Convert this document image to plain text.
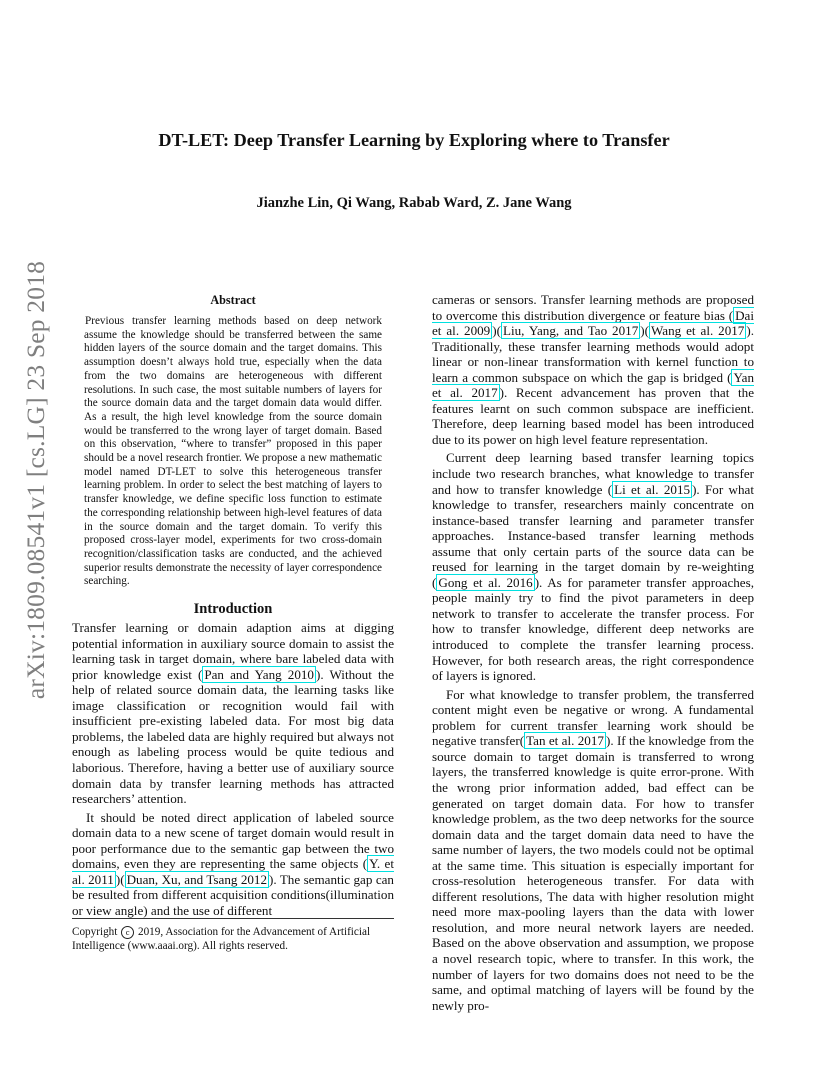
arXiv:1809.08541v1 [cs.LG] 23 Sep 2018
DT-LET: Deep Transfer Learning by Exploring where to Transfer
Jianzhe Lin, Qi Wang, Rabab Ward, Z. Jane Wang
Abstract

Previous transfer learning methods based on deep network assume the knowledge should be transferred between the same hidden layers of the source domain and the target domains. This assumption doesn’t always hold true, especially when the data from the two domains are heterogeneous with different resolutions. In such case, the most suitable numbers of layers for the source domain data and the target domain data would differ. As a result, the high level knowledge from the source domain would be transferred to the wrong layer of target domain. Based on this observation, “where to transfer” proposed in this paper should be a novel research frontier. We propose a new mathematic model named DT-LET to solve this heterogeneous transfer learning problem. In order to select the best matching of layers to transfer knowledge, we define specific loss function to estimate the corresponding relationship between high-level features of data in the source domain and the target domain. To verify this proposed cross-layer model, experiments for two cross-domain recognition/classification tasks are conducted, and the achieved superior results demonstrate the necessity of layer correspondence searching.

Introduction

Transfer learning or domain adaption aims at digging potential information in auxiliary source domain to assist the learning task in target domain, where bare labeled data with prior knowledge exist ( Pan and Yang 2010 ). Without the help of related source domain data, the learning tasks like image classification or recognition would fail with insufficient pre-existing labeled data. For most big data problems, the labeled data are highly required but always not enough as labeling process would be quite tedious and laborious. Therefore, having a better use of auxiliary source domain data by transfer learning methods has attracted researchers’ attention.

It should be noted direct application of labeled source domain data to a new scene of target domain would result in poor performance due to the semantic gap between the two domains, even they are representing the same objects ( Y. et al. 2011 )( Duan, Xu, and Tsang 2012 ). The semantic gap can be resulted from different acquisition conditions(illumination or view angle) and the use of different

cameras or sensors. Transfer learning methods are proposed to overcome this distribution divergence or feature bias ( Dai et al. 2009 )( Liu, Yang, and Tao 2017 )( Wang et al. 2017 ). Traditionally, these transfer learning methods would adopt linear or non-linear transformation with kernel function to learn a common subspace on which the gap is bridged ( Yan et al. 2017 ). Recent advancement has proven that the features learnt on such common subspace are inefficient. Therefore, deep learning based model has been introduced due to its power on high level feature representation.

Current deep learning based transfer learning topics include two research branches, what knowledge to transfer and how to transfer knowledge ( Li et al. 2015 ). For what knowledge to transfer, researchers mainly concentrate on instance-based transfer learning and parameter transfer approaches. Instance-based transfer learning methods assume that only certain parts of the source data can be reused for learning in the target domain by re-weighting ( Gong et al. 2016 ). As for parameter transfer approaches, people mainly try to find the pivot parameters in deep network to transfer to accelerate the transfer process. For how to transfer knowledge, different deep networks are introduced to complete the transfer learning process. However, for both research areas, the right correspondence of layers is ignored.

For what knowledge to transfer problem, the transferred content might even be negative or wrong. A fundamental problem for current transfer learning work should be negative transfer( Tan et al. 2017 ). If the knowledge from the source domain to target domain is transferred to wrong layers, the transferred knowledge is quite error-prone. With the wrong prior information added, bad effect can be generated on target domain data. For how to transfer knowledge problem, as the two deep networks for the source domain data and the target domain data need to have the same number of layers, the two models could not be optimal at the same time. This situation is especially important for cross-resolution heterogeneous transfer. For data with different resolutions, The data with higher resolution might need more max-pooling layers than the data with lower resolution, and more neural network layers are needed. Based on the above observation and assumption, we propose a novel research topic, where to transfer. In this work, the number of layers for two domains does not need to be the same, and optimal matching of layers will be found by the newly pro-

Copyright c 2019, Association for the Advancement of Artificial Intelligence (www.aaai.org). All rights reserved.
